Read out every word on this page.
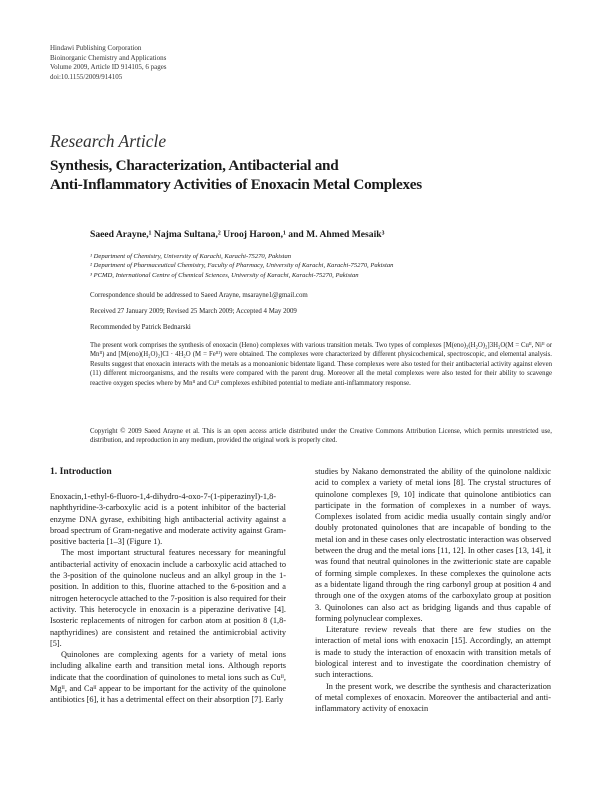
Hindawi Publishing Corporation
Bioinorganic Chemistry and Applications
Volume 2009, Article ID 914105, 6 pages
doi:10.1155/2009/914105
Research Article
Synthesis, Characterization, Antibacterial and
Anti-Inflammatory Activities of Enoxacin Metal Complexes
Saeed Arayne,¹ Najma Sultana,² Urooj Haroon,¹ and M. Ahmed Mesaik³
¹ Department of Chemistry, University of Karachi, Karachi-75270, Pakistan
² Department of Pharmaceutical Chemistry, Faculty of Pharmacy, University of Karachi, Karachi-75270, Pakistan
³ PCMD, International Centre of Chemical Sciences, University of Karachi, Karachi-75270, Pakistan
Correspondence should be addressed to Saeed Arayne, msarayne1@gmail.com
Received 27 January 2009; Revised 25 March 2009; Accepted 4 May 2009
Recommended by Patrick Bednarski
The present work comprises the synthesis of enoxacin (Heno) complexes with various transition metals. Two types of complexes [M(eno)₂(H₂O)₂]3H₂O(M = Cuᴵᴵ, Niᴵᴵ or Mnᴵᴵ) and [M(eno)(H₂O)₂]Cl · 4H₂O (M = Feᴵᴵᴵ) were obtained. The complexes were characterized by different physicochemical, spectroscopic, and elemental analysis. Results suggest that enoxacin interacts with the metals as a monoanionic bidentate ligand. These complexes were also tested for their antibacterial activity against eleven (11) different microorganisms, and the results were compared with the parent drug. Moreover all the metal complexes were also tested for their ability to scavenge reactive oxygen species where by Mnᴵᴵ and Cuᴵᴵ complexes exhibited potential to mediate anti-inflammatory response.
Copyright © 2009 Saeed Arayne et al. This is an open access article distributed under the Creative Commons Attribution License, which permits unrestricted use, distribution, and reproduction in any medium, provided the original work is properly cited.
1. Introduction

Enoxacin,1-ethyl-6-fluoro-1,4-dihydro-4-oxo-7-(1-piperazinyl)-1,8-naphthyridine-3-carboxylic acid is a potent inhibitor of the bacterial enzyme DNA gyrase, exhibiting high antibacterial activity against a broad spectrum of Gram-negative and moderate activity against Gram-positive bacteria [1–3] (Figure 1).

The most important structural features necessary for meaningful antibacterial activity of enoxacin include a carboxylic acid attached to the 3-position of the quinolone nucleus and an alkyl group in the 1-position. In addition to this, fluorine attached to the 6-position and a nitrogen heterocycle attached to the 7-position is also required for their activity. This heterocycle in enoxacin is a piperazine derivative [4]. Isosteric replacements of nitrogen for carbon atom at position 8 (1,8-napthyridines) are consistent and retained the antimicrobial activity [5].

Quinolones are complexing agents for a variety of metal ions including alkaline earth and transition metal ions. Although reports indicate that the coordination of quinolones to metal ions such as Cuᴵᴵ, Mgᴵᴵ, and Caᴵᴵ appear to be important for the activity of the quinolone antibiotics [6], it has a detrimental effect on their absorption [7]. Early

studies by Nakano demonstrated the ability of the quinolone naldixic acid to complex a variety of metal ions [8]. The crystal structures of quinolone complexes [9, 10] indicate that quinolone antibiotics can participate in the formation of complexes in a number of ways. Complexes isolated from acidic media usually contain singly and/or doubly protonated quinolones that are incapable of bonding to the metal ion and in these cases only electrostatic interaction was observed between the drug and the metal ions [11, 12]. In other cases [13, 14], it was found that neutral quinolones in the zwitterionic state are capable of forming simple complexes. In these complexes the quinolone acts as a bidentate ligand through the ring carbonyl group at position 4 and through one of the oxygen atoms of the carboxylato group at position 3. Quinolones can also act as bridging ligands and thus capable of forming polynuclear complexes.

Literature review reveals that there are few studies on the interaction of metal ions with enoxacin [15]. Accordingly, an attempt is made to study the interaction of enoxacin with transition metals of biological interest and to investigate the coordination chemistry of such interactions.

In the present work, we describe the synthesis and characterization of metal complexes of enoxacin. Moreover the antibacterial and anti-inflammatory activity of enoxacin
